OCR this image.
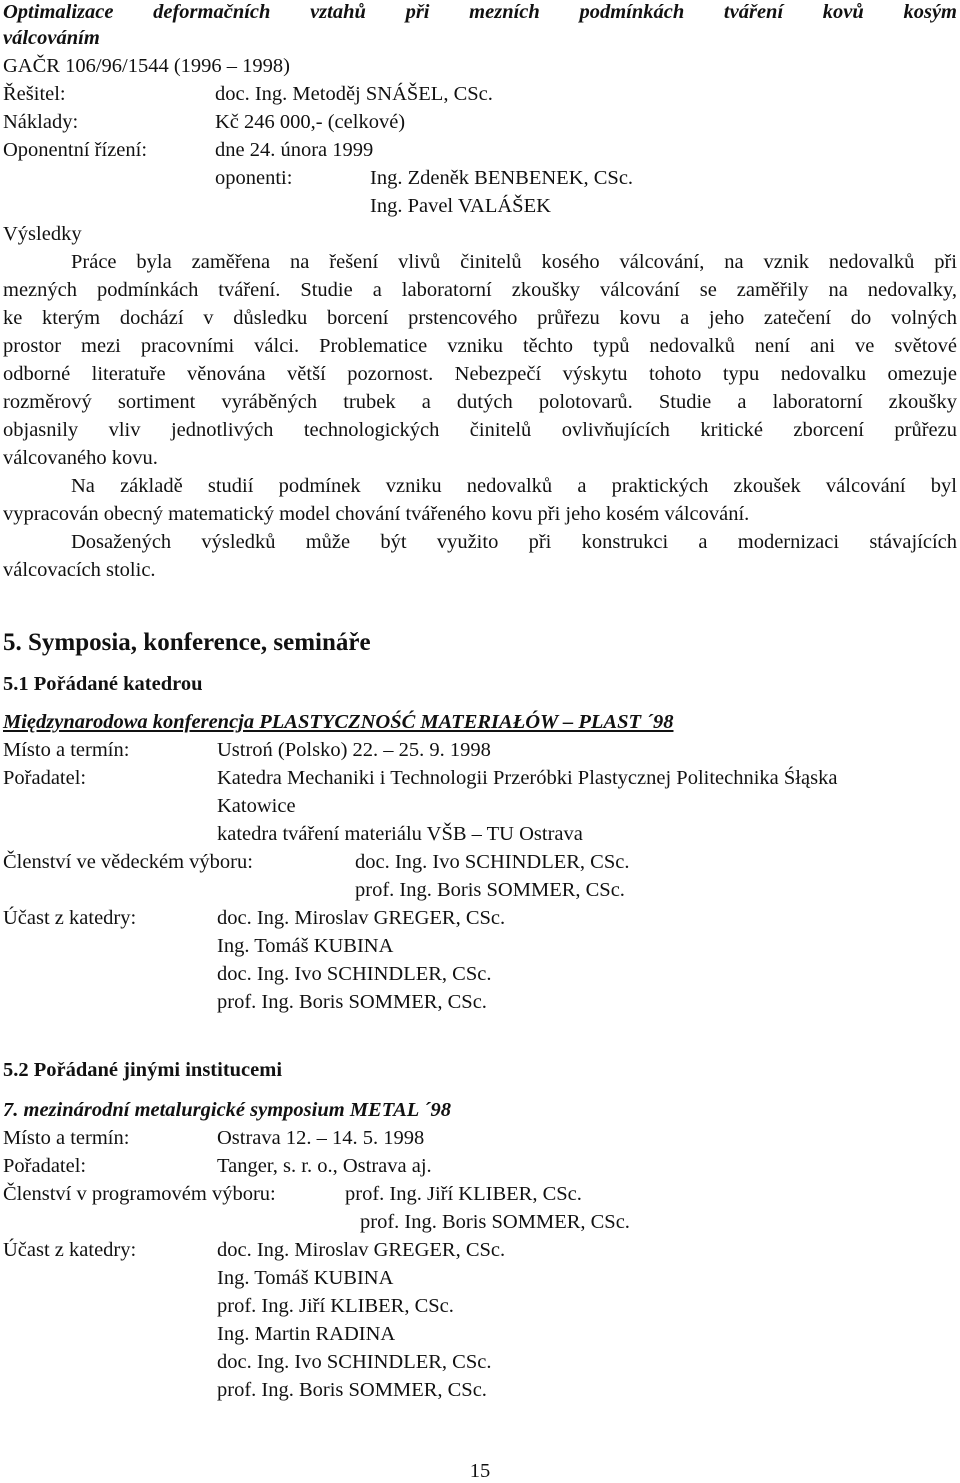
Optimalizace deformačních vztahů při mezních podmínkách tváření kovů kosým
válcováním
GAČR 106/96/1544 (1996 – 1998)
Řešitel:	doc. Ing. Metoděj SNÁŠEL, CSc.
Náklady:	Kč 246 000,- (celkové)
Oponentní řízení:	dne 24. února 1999
oponenti:	Ing. Zdeněk BENBENEK, CSc.
Ing. Pavel VALÁŠEK
Výsledky
Práce byla zaměřena na řešení vlivů činitelů kosého válcování, na vznik nedovalků při
mezných podmínkách tváření. Studie a laboratorní zkoušky válcování se zaměřily na nedovalky,
ke kterým dochází v důsledku borcení prstencového průřezu kovu a jeho zatečení do volných
prostor mezi pracovními válci. Problematice vzniku těchto typů nedovalků není ani ve světové
odborné literatuře věnována větší pozornost. Nebezpečí výskytu tohoto typu nedovalku omezuje
rozměrový sortiment vyráběných trubek a dutých polotovarů. Studie a laboratorní zkoušky
objasnily vliv jednotlivých technologických činitelů ovlivňujících kritické zborcení průřezu
válcovaného kovu.
Na základě studií podmínek vzniku nedovalků a praktických zkoušek válcování byl
vypracován obecný matematický model chování tvářeného kovu při jeho kosém válcování.
Dosažených výsledků může být využito při konstrukci a modernizaci stávajících
válcovacích stolic.
5. Symposia, konference, semináře
5.1 Pořádané katedrou
Międzynarodowa konferencja PLASTYCZNOŚĆ MATERIAŁÓW – PLAST ´98
Místo a termín:	Ustroń (Polsko) 22. – 25. 9. 1998
Pořadatel:	Katedra Mechaniki i Technologii Przeróbki Plastycznej Politechnika Śłąska
Katowice
katedra tváření materiálu VŠB – TU Ostrava
Členství ve vědeckém výboru:	doc. Ing. Ivo SCHINDLER, CSc.
prof. Ing. Boris SOMMER, CSc.
Účast z katedry:	doc. Ing. Miroslav GREGER, CSc.
Ing. Tomáš KUBINA
doc. Ing. Ivo SCHINDLER, CSc.
prof. Ing. Boris SOMMER, CSc.
5.2 Pořádané jinými institucemi
7. mezinárodní metalurgické symposium METAL ´98
Místo a termín:	Ostrava 12. – 14. 5. 1998
Pořadatel:	Tanger, s. r. o., Ostrava aj.
Členství v programovém výboru:	prof. Ing. Jiří KLIBER, CSc.
prof. Ing. Boris SOMMER, CSc.
Účast z katedry:	doc. Ing. Miroslav GREGER, CSc.
Ing. Tomáš KUBINA
prof. Ing. Jiří KLIBER, CSc.
Ing. Martin RADINA
doc. Ing. Ivo SCHINDLER, CSc.
prof. Ing. Boris SOMMER, CSc.
15
